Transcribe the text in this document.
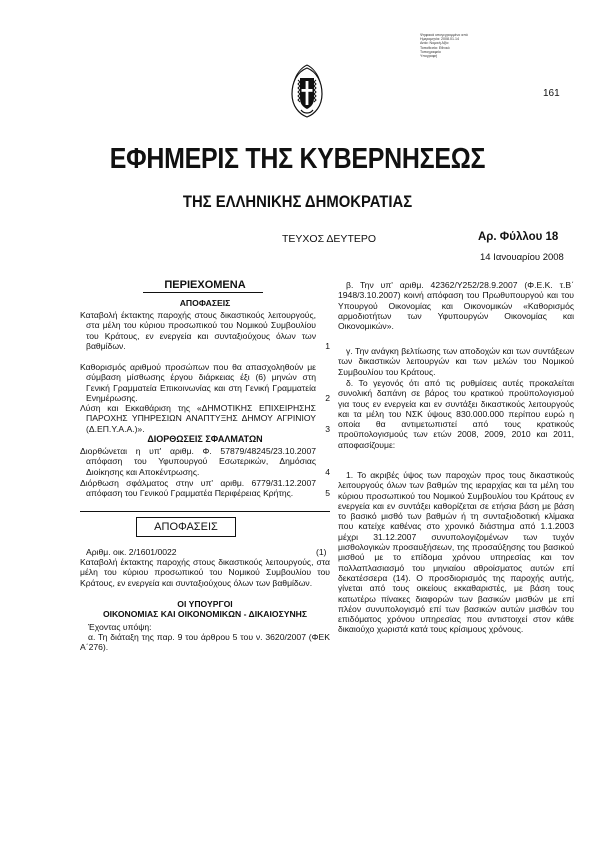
Ψηφιακά υπογεγραμμένο από
Ημερομηνία: 2008.01.14
Αιτία: Νομική Αξία
Τοποθεσία: Εθνικό
Τυπογραφείο
Υπογραφή
161
ΕΦΗΜΕΡΙΣ ΤΗΣ ΚΥΒΕΡΝΗΣΕΩΣ
ΤΗΣ ΕΛΛΗΝΙΚΗΣ ΔΗΜΟΚΡΑΤΙΑΣ
ΤΕΥΧΟΣ ΔΕΥΤΕΡΟ	Αρ. Φύλλου 18
14 Ιανουαρίου 2008
ΠΕΡΙΕΧΟΜΕΝΑ
ΑΠΟΦΑΣΕΙΣ
Καταβολή έκτακτης παροχής στους δικαστικούς λειτουργούς, στα μέλη του κύριου προσωπικού του Νομικού Συμβουλίου του Κράτους, εν ενεργεία και συνταξιούχους όλων των βαθμίδων.	1
Καθορισμός αριθμού προσώπων που θα απασχοληθούν με σύμβαση μίσθωσης έργου διάρκειας έξι (6) μηνών στη Γενική Γραμματεία Επικοινωνίας και στη Γενική Γραμματεία Ενημέρωσης.	2
Λύση και Εκκαθάριση της «ΔΗΜΟΤΙΚΗΣ ΕΠΙΧΕΙΡΗΣΗΣ ΠΑΡΟΧΗΣ ΥΠΗΡΕΣΙΩΝ ΑΝΑΠΤΥΞΗΣ ΔΗΜΟΥ ΑΓΡΙΝΙΟΥ (Δ.ΕΠ.Υ.Α.Α.)».	3
ΔΙΟΡΘΩΣΕΙΣ ΣΦΑΛΜΑΤΩΝ
Διορθώνεται η υπ' αριθμ. Φ. 57879/48245/23.10.2007 απόφαση του Υφυπουργού Εσωτερικών, Δημόσιας Διοίκησης και Αποκέντρωσης.	4
Διόρθωση σφάλματος στην υπ' αριθμ. 6779/31.12.2007 απόφαση του Γενικού Γραμματέα Περιφέρειας Κρήτης.	5
ΑΠΟΦΑΣΕΙΣ
Αριθμ. οικ. 2/1601/0022	(1)
Καταβολή έκτακτης παροχής στους δικαστικούς λειτουργούς, στα μέλη του κύριου προσωπικού του Νομικού Συμβουλίου του Κράτους, εν ενεργεία και συνταξιούχους όλων των βαθμίδων.
ΟΙ ΥΠΟΥΡΓΟΙ
ΟΙΚΟΝΟΜΙΑΣ ΚΑΙ ΟΙΚΟΝΟΜΙΚΩΝ - ΔΙΚΑΙΟΣΥΝΗΣ
Έχοντας υπόψη:
α. Τη διάταξη της παρ. 9 του άρθρου 5 του ν. 3620/2007 (ΦΕΚ Α΄276).
β. Την υπ' αριθμ. 42362/Υ252/28.9.2007 (Φ.Ε.Κ. τ.Β΄ 1948/3.10.2007) κοινή απόφαση του Πρωθυπουργού και του Υπουργού Οικονομίας και Οικονομικών «Καθορισμός αρμοδιοτήτων των Υφυπουργών Οικονομίας και Οικονομικών».
γ. Την ανάγκη βελτίωσης των αποδοχών και των συντάξεων των δικαστικών λειτουργών και των μελών του Νομικού Συμβουλίου του Κράτους.
δ. Το γεγονός ότι από τις ρυθμίσεις αυτές προκαλείται συνολική δαπάνη σε βάρος του κρατικού προϋπολογισμού για τους εν ενεργεία και εν συντάξει δικαστικούς λειτουργούς και τα μέλη του ΝΣΚ ύψους 830.000.000 περίπου ευρώ η οποία θα αντιμετωπιστεί από τους κρατικούς προϋπολογισμούς των ετών 2008, 2009, 2010 και 2011, αποφασίζουμε:
1. Το ακριβές ύψος των παροχών προς τους δικαστικούς λειτουργούς όλων των βαθμών της ιεραρχίας και τα μέλη του κύριου προσωπικού του Νομικού Συμβουλίου του Κράτους εν ενεργεία και εν συντάξει καθορίζεται σε ετήσια βάση με βάση το βασικό μισθό των βαθμών ή τη συνταξιοδοτική κλίμακα που κατείχε καθένας στο χρονικό διάστημα από 1.1.2003 μέχρι 31.12.2007 συνυπολογιζομένων των τυχόν μισθολογικών προσαυξήσεων, της προσαύξησης του βασικού μισθού με το επίδομα χρόνου υπηρεσίας και τον πολλαπλασιασμό του μηνιαίου αθροίσματος αυτών επί δεκατέσσερα (14). Ο προσδιορισμός της παροχής αυτής, γίνεται από τους οικείους εκκαθαριστές, με βάση τους κατωτέρω πίνακες διαφορών των βασικών μισθών με επί πλέον συνυπολογισμό επί των βασικών αυτών μισθών του επιδόματος χρόνου υπηρεσίας που αντιστοιχεί στον κάθε δικαιούχο χωριστά κατά τους κρίσιμους χρόνους.
